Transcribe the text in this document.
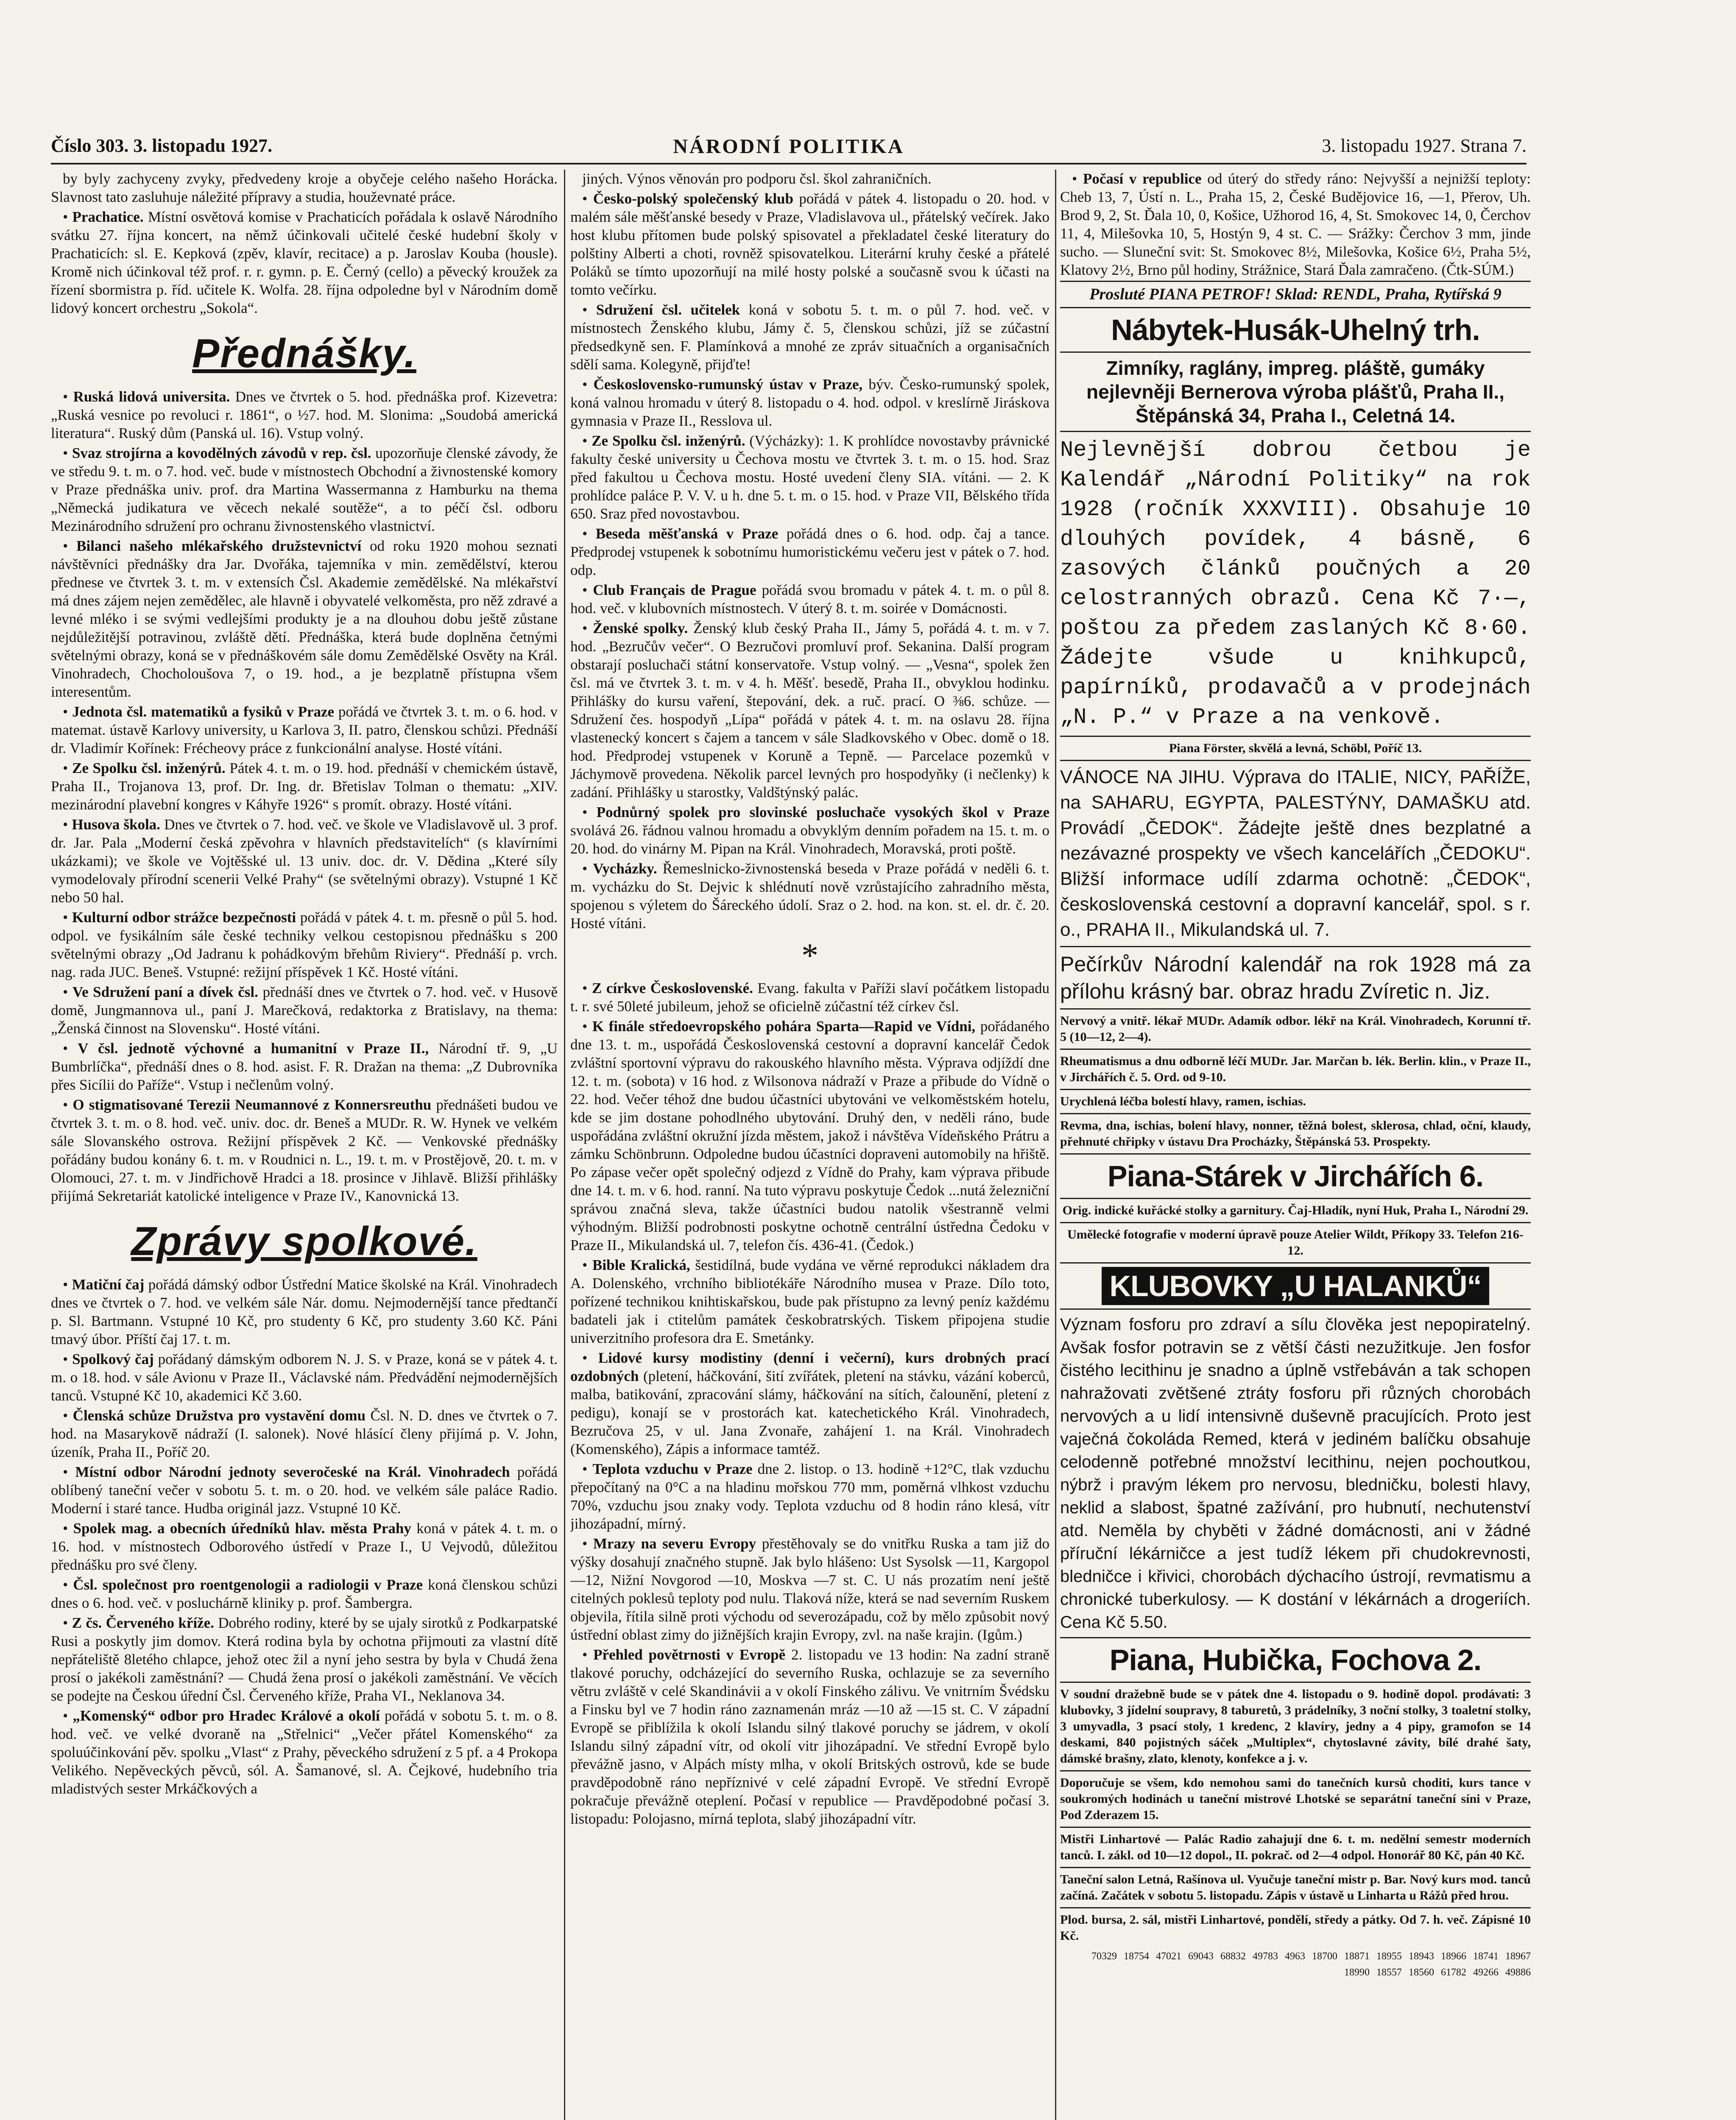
Číslo 303. 3. listopadu 1927.	NÁRODNÍ POLITIKA	3. listopadu 1927. Strana 7.

by byly zachyceny zvyky, předvedeny kroje a obyčeje celého našeho Horácka. Slavnost tato zasluhuje náležité přípravy a studia, houževnaté práce.

• Prachatice. Místní osvětová komise v Prachaticích pořádala k oslavě Národního svátku 27. října koncert, na němž účinkovali učitelé české hudební školy v Prachaticích: sl. E. Kepková (zpěv, klavír, recitace) a p. Jaroslav Kouba (housle). Kromě nich účinkoval též prof. r. r. gymn. p. E. Černý (cello) a pěvecký kroužek za řízení sbormistra p. říd. učitele K. Wolfa. 28. října odpoledne byl v Národním domě lidový koncert orchestru „Sokola“.

Přednášky.

• Ruská lidová universita. Dnes ve čtvrtek o 5. hod. přednáška prof. Kizevetra: „Ruská vesnice po revoluci r. 1861“, o ½7. hod. M. Slonima: „Soudobá americká literatura“. Ruský dům (Panská ul. 16). Vstup volný.

• Svaz strojírna a kovodělných závodů v rep. čsl. upozorňuje členské závody, že ve středu 9. t. m. o 7. hod. več. bude v místnostech Obchodní a živnostenské komory v Praze přednáška univ. prof. dra Martina Wassermanna z Hamburku na thema „Německá judikatura ve věcech nekalé soutěže“, a to péčí čsl. odboru Mezinárodního sdružení pro ochranu živnostenského vlastnictví.

• Bilanci našeho mlékařského družstevnictví od roku 1920 mohou seznati návštěvníci přednášky dra Jar. Dvořáka, tajemníka v min. zemědělství, kterou přednese ve čtvrtek 3. t. m. v extensích Čsl. Akademie zemědělské. Na mlékařství má dnes zájem nejen zemědělec, ale hlavně i obyvatelé velkoměsta, pro něž zdravé a levné mléko i se svými vedlejšími produkty je a na dlouhou dobu ještě zůstane nejdůležitější potravinou, zvláště dětí. Přednáška, která bude doplněna četnými světelnými obrazy, koná se v přednáškovém sále domu Zemědělské Osvěty na Král. Vinohradech, Chocholoušova 7, o 19. hod., a je bezplatně přístupna všem interesentům.

• Jednota čsl. matematiků a fysiků v Praze pořádá ve čtvrtek 3. t. m. o 6. hod. v matemat. ústavě Karlovy university, u Karlova 3, II. patro, členskou schůzi. Přednáší dr. Vladimír Kořínek: Frécheovy práce z funkcionální analyse. Hosté vítáni.

• Ze Spolku čsl. inženýrů. Pátek 4. t. m. o 19. hod. přednáší v chemickém ústavě, Praha II., Trojanova 13, prof. Dr. Ing. dr. Břetislav Tolman o thematu: „XIV. mezinárodní plavební kongres v Káhyře 1926“ s promít. obrazy. Hosté vítáni.

• Husova škola. Dnes ve čtvrtek o 7. hod. več. ve škole ve Vladislavově ul. 3 prof. dr. Jar. Pala „Moderní česká zpěvohra v hlavních představitelích“ (s klavírními ukázkami); ve škole ve Vojtěšské ul. 13 univ. doc. dr. V. Dědina „Které síly vymodelovaly přírodní scenerii Velké Prahy“ (se světelnými obrazy). Vstupné 1 Kč nebo 50 hal.

• Kulturní odbor strážce bezpečnosti pořádá v pátek 4. t. m. přesně o půl 5. hod. odpol. ve fysikálním sále české techniky velkou cestopisnou přednášku s 200 světelnými obrazy „Od Jadranu k pohádkovým břehům Riviery“. Přednáší p. vrch. nag. rada JUC. Beneš. Vstupné: režijní příspěvek 1 Kč. Hosté vítáni.

• Ve Sdružení paní a dívek čsl. přednáší dnes ve čtvrtek o 7. hod. več. v Husově domě, Jungmannova ul., paní J. Marečková, redaktorka z Bratislavy, na thema: „Ženská činnost na Slovensku“. Hosté vítáni.

• V čsl. jednotě výchovné a humanitní v Praze II., Národní tř. 9, „U Bumbrlíčka“, přednáší dnes o 8. hod. asist. F. R. Dražan na thema: „Z Dubrovníka přes Sicílii do Paříže“. Vstup i nečlenům volný.

• O stigmatisované Terezii Neumannové z Konnersreuthu přednášeti budou ve čtvrtek 3. t. m. o 8. hod. več. univ. doc. dr. Beneš a MUDr. R. W. Hynek ve velkém sále Slovanského ostrova. Režijní příspěvek 2 Kč. — Venkovské přednášky pořádány budou konány 6. t. m. v Roudnici n. L., 19. t. m. v Prostějově, 20. t. m. v Olomouci, 27. t. m. v Jindřichově Hradci a 18. prosince v Jihlavě. Bližší přihlášky přijímá Sekretariát katolické inteligence v Praze IV., Kanovnická 13.

Zprávy spolkové.

• Matiční čaj pořádá dámský odbor Ústřední Matice školské na Král. Vinohradech dnes ve čtvrtek o 7. hod. ve velkém sále Nár. domu. Nejmodernější tance předtančí p. Sl. Bartmann. Vstupné 10 Kč, pro studenty 6 Kč, pro studenty 3.60 Kč. Páni tmavý úbor. Příští čaj 17. t. m.

• Spolkový čaj pořádaný dámským odborem N. J. S. v Praze, koná se v pátek 4. t. m. o 18. hod. v sále Avionu v Praze II., Václavské nám. Předvádění nejmodernějších tanců. Vstupné Kč 10, akademici Kč 3.60.

• Členská schůze Družstva pro vystavění domu Čsl. N. D. dnes ve čtvrtek o 7. hod. na Masarykově nádraží (I. salonek). Nové hlásící členy přijímá p. V. John, úzeník, Praha II., Poříč 20.

• Místní odbor Národní jednoty severočeské na Král. Vinohradech pořádá oblíbený taneční večer v sobotu 5. t. m. o 20. hod. ve velkém sále paláce Radio. Moderní i staré tance. Hudba originál jazz. Vstupné 10 Kč.

• Spolek mag. a obecních úředníků hlav. města Prahy koná v pátek 4. t. m. o 16. hod. v místnostech Odborového ústředí v Praze I., U Vejvodů, důležitou přednášku pro své členy.

• Čsl. společnost pro roentgenologii a radiologii v Praze koná členskou schůzi dnes o 6. hod. več. v posluchárně kliniky p. prof. Šambergra.

• Z čs. Červeného kříže. Dobrého rodiny, které by se ujaly sirotků z Podkarpatské Rusi a poskytly jim domov. Která rodina byla by ochotna přijmouti za vlastní dítě nepřáteliště 8letého chlapce, jehož otec žil a nyní jeho sestra by byla v Chudá žena prosí o jakékoli zaměstnání? — Chudá žena prosí o jakékoli zaměstnání. Ve věcích se podejte na Českou úřední Čsl. Červeného kříže, Praha VI., Neklanova 34.

• „Komenský“ odbor pro Hradec Králové a okolí pořádá v sobotu 5. t. m. o 8. hod. več. ve velké dvoraně na „Střelnici“ „Večer přátel Komenského“ za spoluúčinkování pěv. spolku „Vlast“ z Prahy, pěveckého sdružení z 5 pf. a 4 Prokopa Velikého. Nepěveckých pěvců, sól. A. Šamanové, sl. A. Čejkové, hudebního tria mladistvých sester Mrkáčkových a

jiných. Výnos věnován pro podporu čsl. škol zahraničních.

• Česko-polský společenský klub pořádá v pátek 4. listopadu o 20. hod. v malém sále měšťanské besedy v Praze, Vladislavova ul., přátelský večírek. Jako host klubu přítomen bude polský spisovatel a překladatel české literatury do polštiny Alberti a choti, rovněž spisovatelkou. Literární kruhy české a přátelé Poláků se tímto upozorňují na milé hosty polské a současně svou k účasti na tomto večírku.

• Sdružení čsl. učitelek koná v sobotu 5. t. m. o půl 7. hod. več. v místnostech Ženského klubu, Jámy č. 5, členskou schůzi, jíž se zúčastní předsedkyně sen. F. Plamínková a mnohé ze zpráv situačních a organisačních sdělí sama. Kolegyně, přijďte!

• Československo-rumunský ústav v Praze, býv. Česko-rumunský spolek, koná valnou hromadu v úterý 8. listopadu o 4. hod. odpol. v kreslírně Jiráskova gymnasia v Praze II., Resslova ul.

• Ze Spolku čsl. inženýrů. (Výcházky): 1. K prohlídce novostavby právnické fakulty české university u Čechova mostu ve čtvrtek 3. t. m. o 15. hod. Sraz před fakultou u Čechova mostu. Hosté uvedení členy SIA. vítáni. — 2. K prohlídce paláce P. V. V. u h. dne 5. t. m. o 15. hod. v Praze VII, Bělského třída 650. Sraz před novostavbou.

• Beseda měšťanská v Praze pořádá dnes o 6. hod. odp. čaj a tance. Předprodej vstupenek k sobotnímu humoristickému večeru jest v pátek o 7. hod. odp.

• Club Français de Prague pořádá svou bromadu v pátek 4. t. m. o půl 8. hod. več. v klubovních místnostech. V úterý 8. t. m. soirée v Domácnosti.

• Ženské spolky. Ženský klub český Praha II., Jámy 5, pořádá 4. t. m. v 7. hod. „Bezručův večer“. O Bezručovi promluví prof. Sekanina. Další program obstarají posluchači státní konservatoře. Vstup volný. — „Vesna“, spolek žen čsl. má ve čtvrtek 3. t. m. v 4. h. Měšť. besedě, Praha II., obvyklou hodinku. Přihlášky do kursu vaření, štepování, dek. a ruč. prací. O ⅜6. schůze. — Sdružení čes. hospodyň „Lípa“ pořádá v pátek 4. t. m. na oslavu 28. října vlastenecký koncert s čajem a tancem v sále Sladkovského v Obec. domě o 18. hod. Předprodej vstupenek v Koruně a Tepně. — Parcelace pozemků v Jáchymově provedena. Několik parcel levných pro hospodyňky (i nečlenky) k zadání. Přihlášky u starostky, Valdštýnský palác.

• Podnůrný spolek pro slovinské posluchače vysokých škol v Praze svolává 26. řádnou valnou hromadu a obvyklým denním pořadem na 15. t. m. o 20. hod. do vinárny M. Pipan na Král. Vinohradech, Moravská, proti poště.

• Vycházky. Řemeslnicko-živnostenská beseda v Praze pořádá v neděli 6. t. m. vycházku do St. Dejvic k shlédnutí nově vzrůstajícího zahradního města, spojenou s výletem do Šáreckého údolí. Sraz o 2. hod. na kon. st. el. dr. č. 20. Hosté vítáni.

*

• Z církve Československé. Evang. fakulta v Paříži slaví počátkem listopadu t. r. své 50leté jubileum, jehož se oficielně zúčastní též církev čsl.

• K finále středoevropského pohára Sparta—Rapid ve Vídni, pořádaného dne 13. t. m., uspořádá Československá cestovní a dopravní kancelář Čedok zvláštní sportovní výpravu do rakouského hlavního města. Výprava odjíždí dne 12. t. m. (sobota) v 16 hod. z Wilsonova nádraží v Praze a přibude do Vídně o 22. hod. Večer téhož dne budou účastníci ubytováni ve velkoměstském hotelu, kde se jim dostane pohodlného ubytování. Druhý den, v neděli ráno, bude uspořádána zvláštní okružní jízda městem, jakož i návštěva Vídeňského Prátru a zámku Schönbrunn. Odpoledne budou účastníci dopraveni automobily na hřiště. Po zápase večer opět společný odjezd z Vídně do Prahy, kam výprava přibude dne 14. t. m. v 6. hod. ranní. Na tuto výpravu poskytuje Čedok ...nutá železniční správou značná sleva, takže účastníci budou natolik všestranně velmi výhodným. Bližší podrobnosti poskytne ochotně centrální ústředna Čedoku v Praze II., Mikulandská ul. 7, telefon čís. 436-41. (Čedok.)

• Bible Kralická, šestidílná, bude vydána ve věrné reprodukci nákladem dra A. Dolenského, vrchního bibliotékáře Národního musea v Praze. Dílo toto, pořízené technikou knihtiskařskou, bude pak přístupno za levný peníz každému badateli jak i ctitelům památek českobratrských. Tiskem připojena studie univerzitního profesora dra E. Smetánky.

• Lidové kursy modistiny (denní i večerní), kurs drobných prací ozdobných (pletení, háčkování, šití zvířátek, pletení na stávku, vázání koberců, malba, batikování, zpracování slámy, háčkování na sítích, čalounění, pletení z pedigu), konají se v prostorách kat. katechetického Král. Vinohradech, Bezručova 25, v ul. Jana Zvonaře, zahájení 1. na Král. Vinohradech (Komenského), Zápis a informace tamtéž.

• Teplota vzduchu v Praze dne 2. listop. o 13. hodině +12°C, tlak vzduchu přepočítaný na 0°C a na hladinu mořskou 770 mm, poměrná vlhkost vzduchu 70%, vzduchu jsou znaky vody. Teplota vzduchu od 8 hodin ráno klesá, vítr jihozápadní, mírný.

• Mrazy na severu Evropy přestěhovaly se do vnitřku Ruska a tam již do výšky dosahují značného stupně. Jak bylo hlášeno: Ust Sysolsk —11, Kargopol —12, Nižní Novgorod —10, Moskva —7 st. C. U nás prozatím není ještě citelných poklesů teploty pod nulu. Tlaková níže, která se nad severním Ruskem objevila, řítila silně proti východu od severozápadu, což by mělo způsobit nový ústřední oblast zimy do jižnějších krajin Evropy, zvl. na naše krajin. (Igům.)

• Přehled povětrnosti v Evropě 2. listopadu ve 13 hodin: Na zadní straně tlakové poruchy, odcházející do severního Ruska, ochlazuje se za severního větru zvláště v celé Skandinávii a v okolí Finského zálivu. Ve vnitrním Švédsku a Finsku byl ve 7 hodin ráno zaznamenán mráz —10 až —15 st. C. V západní Evropě se přiblížila k okolí Islandu silný tlakové poruchy se jádrem, v okolí Islandu silný západní vítr, od okolí vitr jihozápadní. Ve střední Evropě bylo převážně jasno, v Alpách místy mlha, v okolí Britských ostrovů, kde se bude pravděpodobně ráno nepříznivé v celé západní Evropě. Ve střední Evropě pokračuje převážně oteplení. Počasí v republice — Pravděpodobné počasí 3. listopadu: Polojasno, mírná teplota, slabý jihozápadní vítr.

• Počasí v republice od úterý do středy ráno: Nejvyšší a nejnižší teploty: Cheb 13, 7, Ústí n. L., Praha 15, 2, České Budějovice 16, —1, Přerov, Uh. Brod 9, 2, St. Ďala 10, 0, Košice, Užhorod 16, 4, St. Smokovec 14, 0, Čerchov 11, 4, Milešovka 10, 5, Hostýn 9, 4 st. C. — Srážky: Čerchov 3 mm, jinde sucho. — Sluneční svit: St. Smokovec 8½, Milešovka, Košice 6½, Praha 5½, Klatovy 2½, Brno půl hodiny, Strážnice, Stará Ďala zamračeno. (Čtk-SÚM.)

Prosluté PIANA PETROF! Sklad: RENDL, Praha, Rytířská 9
Nábytek-Husák-Uhelný trh.
Zimníky, raglány, impreg. pláště, gumáky nejlevněji Bernerova výroba plášťů, Praha II., Štěpánská 34, Praha I., Celetná 14.
Nejlevnější dobrou četbou je Kalendář „Národní Politiky“ na rok 1928 (ročník XXXVIII). Obsahuje 10 dlouhých povídek, 4 básně, 6 zasových článků poučných a 20 celostranných obrazů. Cena Kč 7·—, poštou za předem zaslaných Kč 8·60. Žádejte všude u knihkupců, papírníků, prodavačů a v prodejnách „N. P.“ v Praze a na venkově.
Piana Förster, skvělá a levná, Schöbl, Poříč 13.
VÁNOCE NA JIHU. Výprava do ITALIE, NICY, PAŘÍŽE, na SAHARU, EGYPTA, PALESTÝNY, DAMAŠKU atd. Provádí „ČEDOK“. Žádejte ještě dnes bezplatné a nezávazné prospekty ve všech kancelářích „ČEDOKU“. Bližší informace udílí zdarma ochotně: „ČEDOK“, československá cestovní a dopravní kancelář, spol. s r. o., PRAHA II., Mikulandská ul. 7.
Pečírkův Národní kalendář na rok 1928 má za přílohu krásný bar. obraz hradu Zvíretic n. Jiz.
Nervový a vnitř. lékař MUDr. Adamík odbor. lékř na Král. Vinohradech, Korunní tř. 5 (10—12, 2—4).
Rheumatismus a dnu odborně léčí MUDr. Jar. Marčan b. lék. Berlin. klin., v Praze II., v Jirchářích č. 5. Ord. od 9-10.
Urychlená léčba bolestí hlavy, ramen, ischias.
Revma, dna, ischias, bolení hlavy, nonner, těžná bolest, sklerosa, chlad, oční, klaudy, přehnuté chřipky v ústavu Dra Procházky, Štěpánská 53. Prospekty.
Piana-Stárek v Jirchářích 6.
Orig. indické kuřácké stolky a garnitury. Čaj-Hladík, nyní Huk, Praha I., Národní 29.
Umělecké fotografie v moderní úpravě pouze Atelier Wildt, Příkopy 33. Telefon 216-12.
KLUBOVKY „U HALANKŮ“
Význam fosforu pro zdraví a sílu člověka jest nepopiratelný. Avšak fosfor potravin se z větší části nezužitkuje. Jen fosfor čistého lecithinu je snadno a úplně vstřebáván a tak schopen nahražovati zvětšené ztráty fosforu při různých chorobách nervových a u lidí intensivně duševně pracujících. Proto jest vaječná čokoláda Remed, která v jediném balíčku obsahuje celodenně potřebné množství lecithinu, nejen pochoutkou, nýbrž i pravým lékem pro nervosu, bledničku, bolesti hlavy, neklid a slabost, špatné zažívání, pro hubnutí, nechutenství atd. Neměla by chyběti v žádné domácnosti, ani v žádné příruční lékárničce a jest tudíž lékem při chudokrevnosti, bledničce i křivici, chorobách dýchacího ústrojí, revmatismu a chronické tuberkulosy. — K dostání v lékárnách a drogeriích. Cena Kč 5.50.
Piana, Hubička, Fochova 2.
V soudní dražebně bude se v pátek dne 4. listopadu o 9. hodině dopol. prodávati: 3 klubovky, 3 jídelní soupravy, 8 taburetů, 3 prádelníky, 3 noční stolky, 3 toaletní stolky, 3 umyvadla, 3 psací stoly, 1 kredenc, 2 klavíry, jedny a 4 pipy, gramofon se 14 deskami, 840 pojistných sáček „Multiplex“, chytoslavné závity, bílé drahé šaty, dámské brašny, zlato, klenoty, konfekce a j. v.
Doporučuje se všem, kdo nemohou sami do tanečních kursů choditi, kurs tance v soukromých hodinách u taneční mistrové Lhotské se separátní taneční síni v Praze, Pod Zderazem 15.
Mistři Linhartové — Palác Radio zahajují dne 6. t. m. nedělní semestr moderních tanců. I. zákl. od 10—12 dopol., II. pokrač. od 2—4 odpol. Honorář 80 Kč, pán 40 Kč.
Taneční salon Letná, Rašínova ul. Vyučuje taneční mistr p. Bar. Nový kurs mod. tanců začíná. Začátek v sobotu 5. listopadu. Zápis v ústavě u Linharta u Rážů před hrou.
Plod. bursa, 2. sál, mistři Linhartové, pondělí, středy a pátky. Od 7. h. več. Zápisné 10 Kč.
70329 18754 47021 69043 68832 49783 4963 18700 18871 18955 18943 18966 18741 1896718990 18557 18560 61782 49266 49886
